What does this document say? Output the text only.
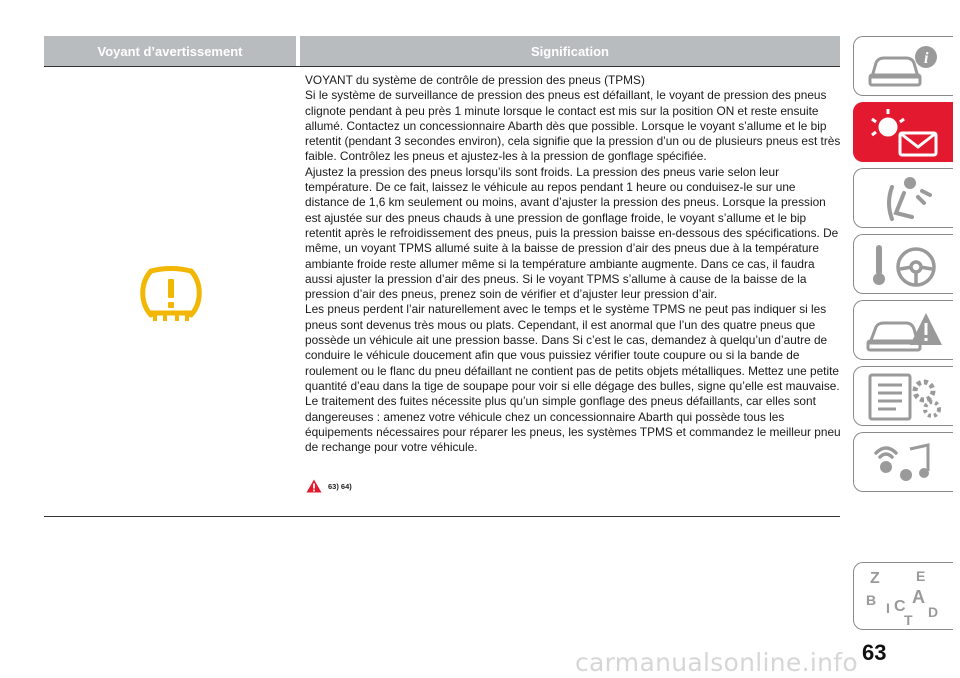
Voyant d’avertissement	Signification

VOYANT du système de contrôle de pression des pneus (TPMS)

Si le système de surveillance de pression des pneus est défaillant, le voyant de pression des pneus clignote pendant à peu près 1 minute lorsque le contact est mis sur la position ON et reste ensuite allumé. Contactez un concessionnaire Abarth dès que possible. Lorsque le voyant s’allume et le bip retentit (pendant 3 secondes environ), cela signifie que la pression d’un ou de plusieurs pneus est très faible. Contrôlez les pneus et ajustez-les à la pression de gonflage spécifiée.

Ajustez la pression des pneus lorsqu’ils sont froids. La pression des pneus varie selon leur température. De ce fait, laissez le véhicule au repos pendant 1 heure ou conduisez-le sur une distance de 1,6 km seulement ou moins, avant d’ajuster la pression des pneus. Lorsque la pression est ajustée sur des pneus chauds à une pression de gonflage froide, le voyant s’allume et le bip retentit après le refroidissement des pneus, puis la pression baisse en-dessous des spécifications. De même, un voyant TPMS allumé suite à la baisse de pression d’air des pneus due à la température ambiante froide reste allumer même si la température ambiante augmente. Dans ce cas, il faudra aussi ajuster la pression d’air des pneus. Si le voyant TPMS s’allume à cause de la baisse de la pression d’air des pneus, prenez soin de vérifier et d’ajuster leur pression d’air.

Les pneus perdent l’air naturellement avec le temps et le système TPMS ne peut pas indiquer si les pneus sont devenus très mous ou plats. Cependant, il est anormal que l’un des quatre pneus que possède un véhicule ait une pression basse. Dans Si c’est le cas, demandez à quelqu’un d’autre de conduire le véhicule doucement afin que vous puissiez vérifier toute coupure ou si la bande de roulement ou le flanc du pneu défaillant ne contient pas de petits objets métalliques. Mettez une petite quantité d’eau dans la tige de soupape pour voir si elle dégage des bulles, signe qu’elle est mauvaise. Le traitement des fuites nécessite plus qu’un simple gonflage des pneus défaillants, car elles sont dangereuses : amenez votre véhicule chez un concessionnaire Abarth qui possède tous les équipements nécessaires pour réparer les pneus, les systèmes TPMS et commandez le meilleur pneu de rechange pour votre véhicule.

63) 64)
i
Z	E
B A
I C D
T
63
carmanualsonline.info
